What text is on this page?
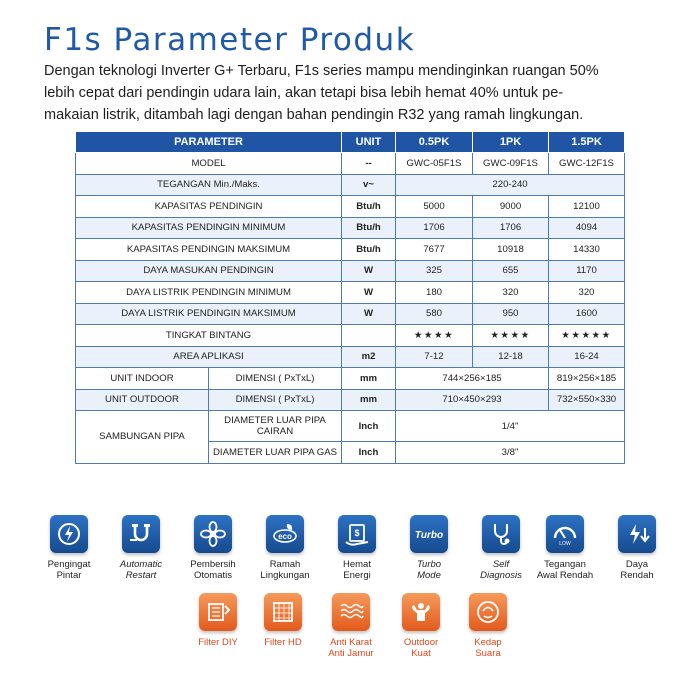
F1s Parameter Produk

Dengan teknologi Inverter G+ Terbaru, F1s series mampu mendinginkan ruangan 50%
lebih cepat dari pendingin udara lain, akan tetapi bisa lebih hemat 40% untuk pe-
makaian listrik, ditambah lagi dengan bahan pendingin R32 yang ramah lingkungan.

PARAMETER		UNIT	0.5PK	1PK	1.5PK
MODEL		--	GWC-05F1S	GWC-09F1S	GWC-12F1S
TEGANGAN Min./Maks.		v~	220-240		
KAPASITAS PENDINGIN		Btu/h	5000	9000	12100
KAPASITAS PENDINGIN MINIMUM		Btu/h	1706	1706	4094
KAPASITAS PENDINGIN MAKSIMUM		Btu/h	7677	10918	14330
DAYA MASUKAN PENDINGIN		W	325	655	1170
DAYA LISTRIK PENDINGIN MINIMUM		W	180	320	320
DAYA LISTRIK PENDINGIN MAKSIMUM		W	580	950	1600
TINGKAT BINTANG			★★★★	★★★★	★★★★★
AREA APLIKASI		m2	7-12	12-18	16-24
UNIT INDOOR	DIMENSI ( PxTxL)	mm	744×256×185		819×256×185
UNIT OUTDOOR	DIMENSI ( PxTxL)	mm	710×450×293		732×550×330
SAMBUNGAN PIPA	DIAMETER LUAR PIPA CAIRAN	Inch	1/4"		
	DIAMETER LUAR PIPA GAS	Inch	3/8"		
Pengingat
Pintar
Automatic
Restart
Pembersih
Otomatis
eco
Ramah
Lingkungan
$
Hemat
Energi
Turbo
Turbo
Mode
Self
Diagnosis
LOW
Tegangan
Awal Rendah
Daya
Rendah
Filter DIY	Filter HD	Anti Karat
Anti Jamur
Outdoor
Kuat
Kedap
Suara
